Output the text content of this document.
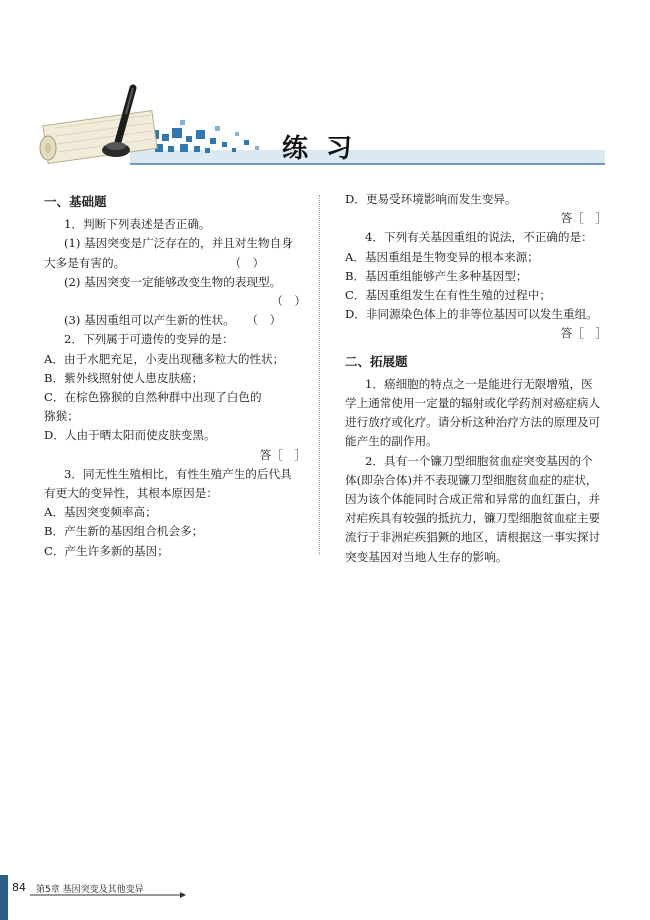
练习
一、基础题
1．判断下列表述是否正确。
(1) 基因突变是广泛存在的，并且对生物自身
大多是有害的。　　　　　　　　　　（　）
(2) 基因突变一定能够改变生物的表现型。
（　）
(3) 基因重组可以产生新的性状。　　（　）
2．下列属于可遗传的变异的是：
A．由于水肥充足，小麦出现穗多粒大的性状；
B．紫外线照射使人患皮肤癌；
C．在棕色猕猴的自然种群中出现了白色的
猕猴；
D．人由于晒太阳而使皮肤变黑。
答［　］
3．同无性生殖相比，有性生殖产生的后代具
有更大的变异性，其根本原因是：
A．基因突变频率高；
B．产生新的基因组合机会多；
C．产生许多新的基因；
D．更易受环境影响而发生变异。
答［　］
4．下列有关基因重组的说法，不正确的是：
A．基因重组是生物变异的根本来源；
B．基因重组能够产生多种基因型；
C．基因重组发生在有性生殖的过程中；
D．非同源染色体上的非等位基因可以发生重组。
答［　］
二、拓展题
1．癌细胞的特点之一是能进行无限增殖，医
学上通常使用一定量的辐射或化学药剂对癌症病人
进行放疗或化疗。请分析这种治疗方法的原理及可
能产生的副作用。
2．具有一个镰刀型细胞贫血症突变基因的个
体(即杂合体)并不表现镰刀型细胞贫血症的症状，
因为该个体能同时合成正常和异常的血红蛋白，并
对疟疾具有较强的抵抗力，镰刀型细胞贫血症主要
流行于非洲疟疾猖獗的地区，请根据这一事实探讨
突变基因对当地人生存的影响。
84 第5章 基因突变及其他变异
